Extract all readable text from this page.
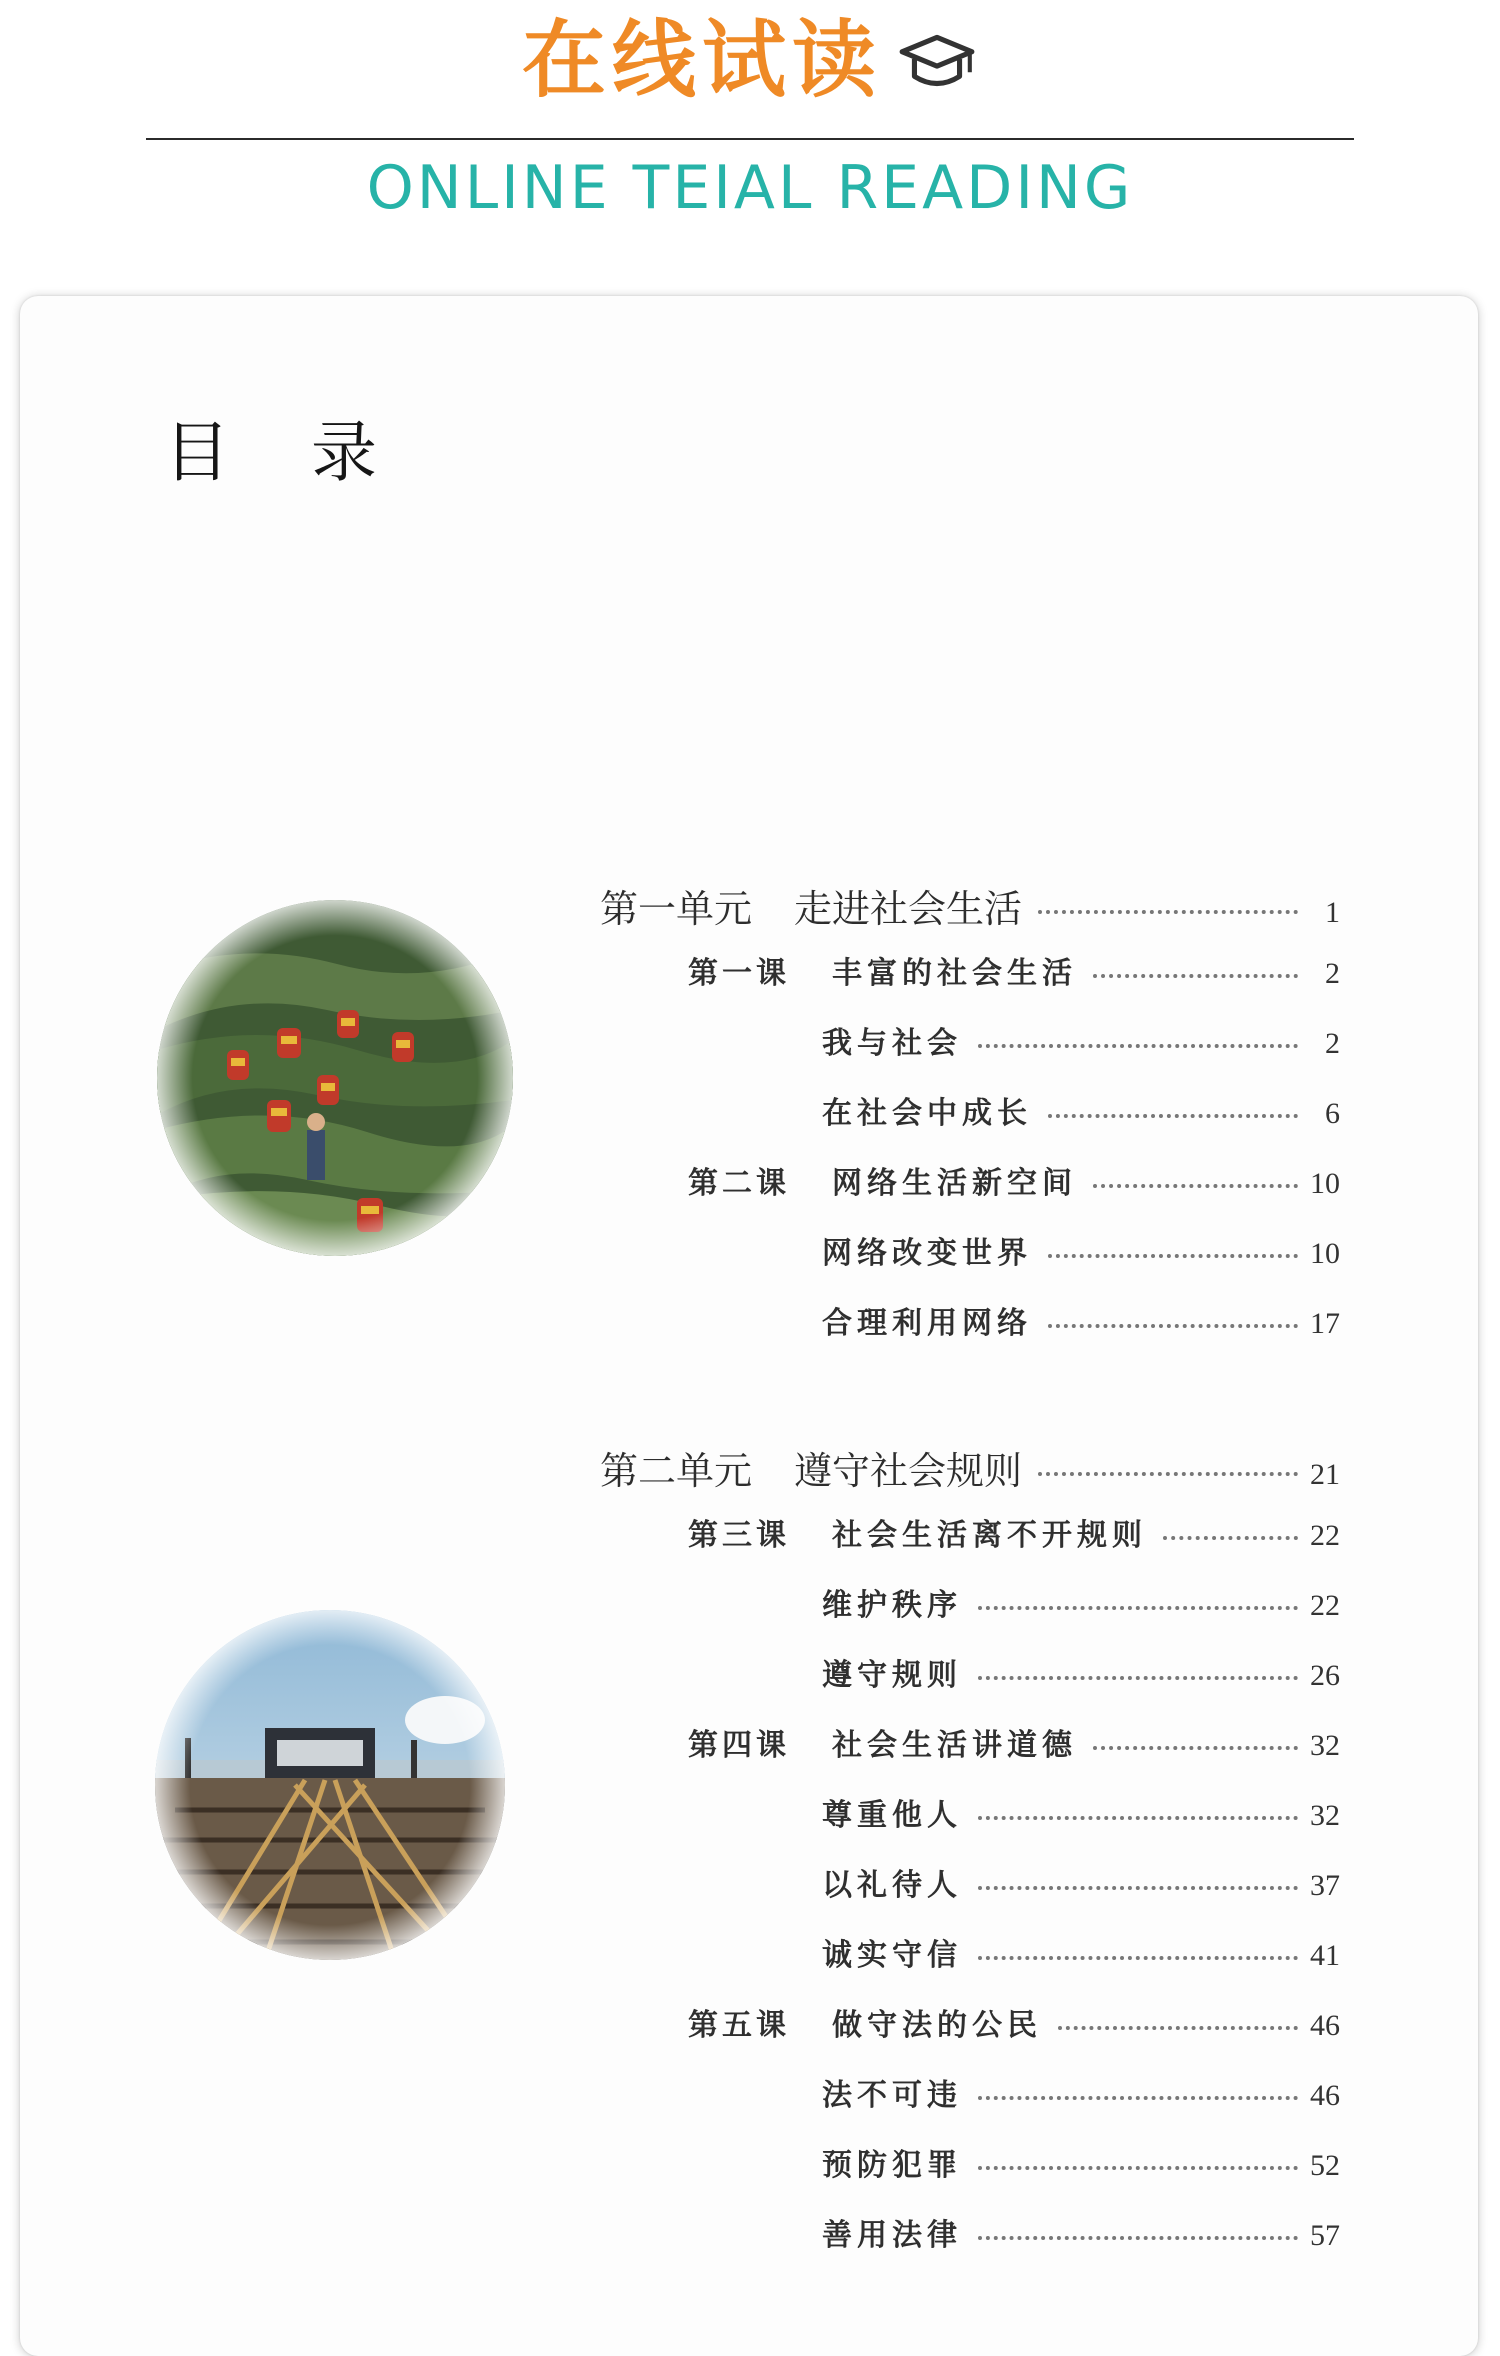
在线试读
ONLINE TEIAL READING
目 录
第一单元 走进社会生活	1
第一课 丰富的社会生活	2
我与社会	2
在社会中成长	6
第二课 网络生活新空间	10
网络改变世界	10
合理利用网络	17
第二单元 遵守社会规则	21
第三课 社会生活离不开规则	22
维护秩序	22
遵守规则	26
第四课 社会生活讲道德	32
尊重他人	32
以礼待人	37
诚实守信	41
第五课 做守法的公民	46
法不可违	46
预防犯罪	52
善用法律	57
